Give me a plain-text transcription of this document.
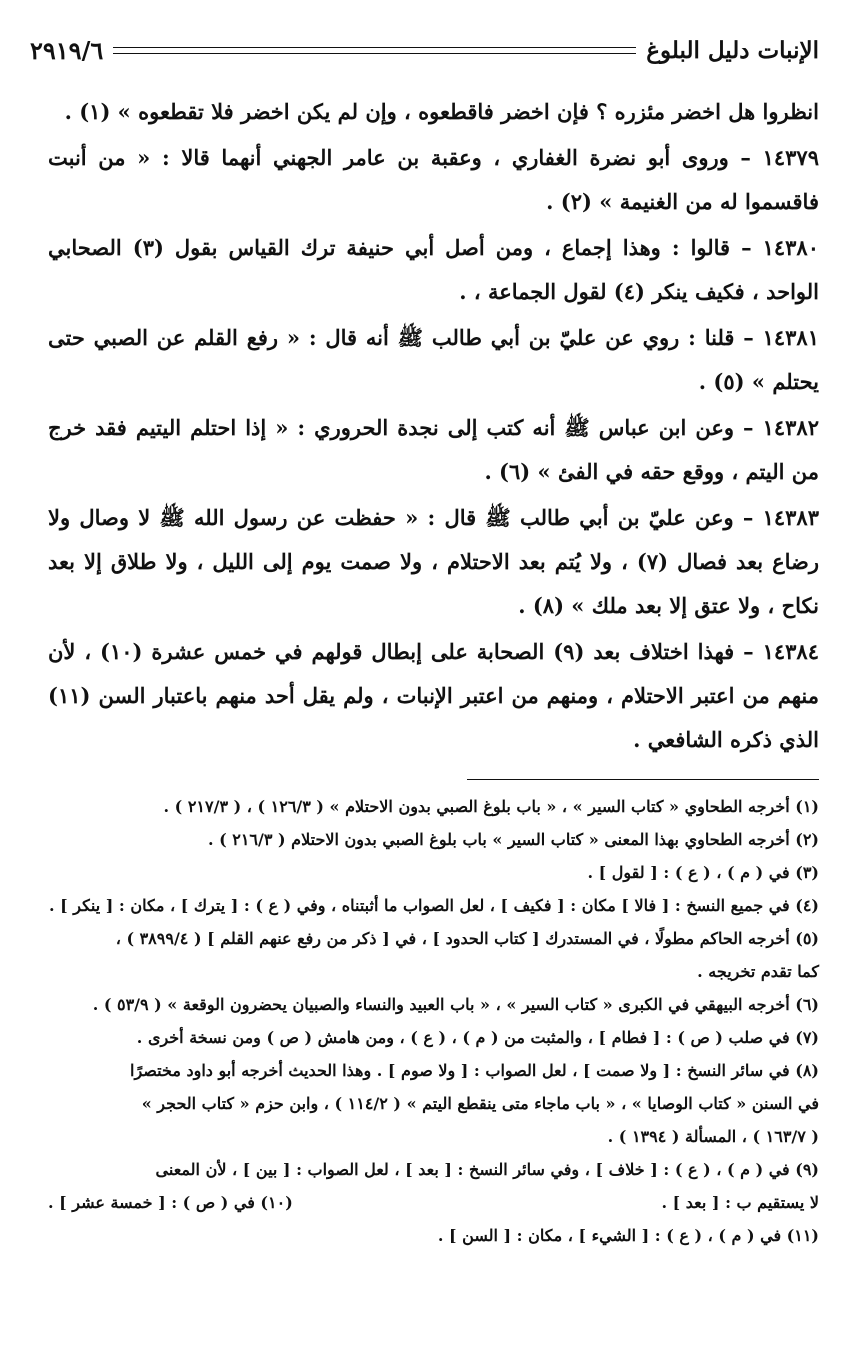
الإنبات دليل البلوغ
٢٩١٩/٦

انظروا هل اخضر مئزره ؟ فإن اخضر فاقطعوه ، وإن لم يكن اخضر فلا تقطعوه » (١) .

١٤٣٧٩ – وروى أبو نضرة الغفاري ، وعقبة بن عامر الجهني أنهما قالا : « من أنبت فاقسموا له من الغنيمة » (٢) .

١٤٣٨٠ – قالوا : وهذا إجماع ، ومن أصل أبي حنيفة ترك القياس بقول (٣) الصحابي الواحد ، فكيف ينكر (٤) لقول الجماعة ، .

١٤٣٨١ – قلنا : روي عن عليّ بن أبي طالب ﷺ أنه قال : « رفع القلم عن الصبي حتى يحتلم » (٥) .

١٤٣٨٢ – وعن ابن عباس ﷺ أنه كتب إلى نجدة الحروري : « إذا احتلم اليتيم فقد خرج من اليتم ، ووقع حقه في الفئ » (٦) .

١٤٣٨٣ – وعن عليّ بن أبي طالب ﷺ قال : « حفظت عن رسول الله ﷺ لا وصال ولا رضاع بعد فصال (٧) ، ولا يُتم بعد الاحتلام ، ولا صمت يوم إلى الليل ، ولا طلاق إلا بعد نكاح ، ولا عتق إلا بعد ملك » (٨) .

١٤٣٨٤ – فهذا اختلاف بعد (٩) الصحابة على إبطال قولهم في خمس عشرة (١٠) ، لأن منهم من اعتبر الاحتلام ، ومنهم من اعتبر الإنبات ، ولم يقل أحد منهم باعتبار السن (١١) الذي ذكره الشافعي .

(١) أخرجه الطحاوي « كتاب السير » ، « باب بلوغ الصبي بدون الاحتلام » ( ١٢٦/٣ ) ، ( ٢١٧/٣ ) .

(٢) أخرجه الطحاوي بهذا المعنى « كتاب السير » باب بلوغ الصبي بدون الاحتلام ( ٢١٦/٣ ) .

(٣) في ( م ) ، ( ع ) : [ لقول ] .

(٤) في جميع النسخ : [ فالا ] مكان : [ فكيف ] ، لعل الصواب ما أثبتناه ، وفي ( ع ) : [ يترك ] ، مكان : [ ينكر ] .

(٥) أخرجه الحاكم مطولًا ، في المستدرك [ كتاب الحدود ] ، في [ ذكر من رفع عنهم القلم ] ( ٣٨٩٩/٤ ) ،

كما تقدم تخريجه .

(٦) أخرجه البيهقي في الكبرى « كتاب السير » ، « باب العبيد والنساء والصبيان يحضرون الوقعة » ( ٥٣/٩ ) .

(٧) في صلب ( ص ) : [ فطام ] ، والمثبت من ( م ) ، ( ع ) ، ومن هامش ( ص ) ومن نسخة أخرى .

(٨) في سائر النسخ : [ ولا صمت ] ، لعل الصواب : [ ولا صوم ] . وهذا الحديث أخرجه أبو داود مختصرًا

في السنن « كتاب الوصايا » ، « باب ماجاء متى ينقطع اليتم » ( ١١٤/٢ ) ، وابن حزم « كتاب الحجر »

( ١٦٣/٧ ) ، المسألة ( ١٣٩٤ ) .

(٩) في ( م ) ، ( ع ) : [ خلاف ] ، وفي سائر النسخ : [ بعد ] ، لعل الصواب : [ بين ] ، لأن المعنى

لا يستقيم ب : [ بعد ] .
(١٠) في ( ص ) : [ خمسة عشر ] .

(١١) في ( م ) ، ( ع ) : [ الشيء ] ، مكان : [ السن ] .
